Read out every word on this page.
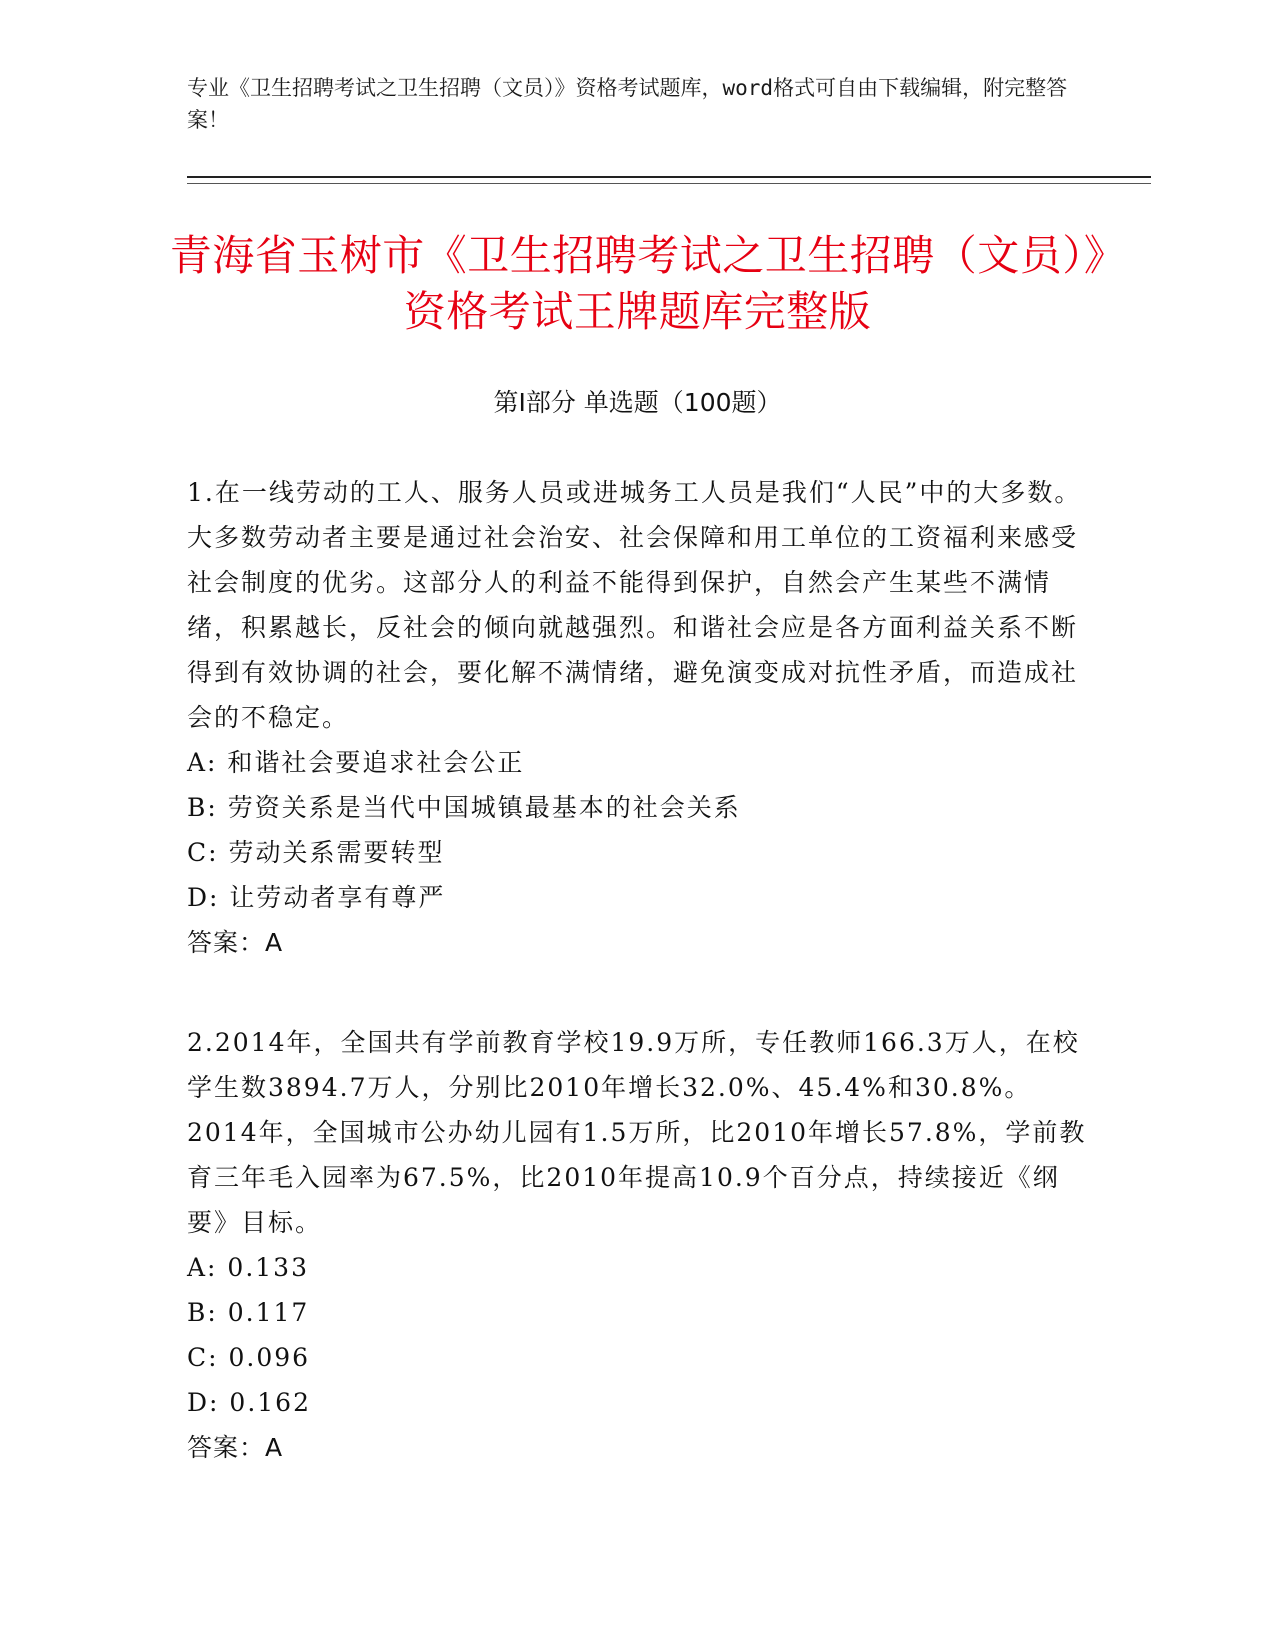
专业《卫生招聘考试之卫生招聘（文员）》资格考试题库，word格式可自由下载编辑，附完整答案！
青海省玉树市《卫生招聘考试之卫生招聘（文员）》资格考试王牌题库完整版
第Ⅰ部分 单选题（100题）
1.在一线劳动的工人、服务人员或进城务工人员是我们“人民”中的大多数。大多数劳动者主要是通过社会治安、社会保障和用工单位的工资福利来感受社会制度的优劣。这部分人的利益不能得到保护，自然会产生某些不满情绪，积累越长，反社会的倾向就越强烈。和谐社会应是各方面利益关系不断得到有效协调的社会，要化解不满情绪，避免演变成对抗性矛盾，而造成社会的不稳定。
A: 和谐社会要追求社会公正
B: 劳资关系是当代中国城镇最基本的社会关系
C: 劳动关系需要转型
D: 让劳动者享有尊严
答案：A
2.2014年，全国共有学前教育学校19.9万所，专任教师166.3万人，在校学生数3894.7万人，分别比2010年增长32.0%、45.4%和30.8%。2014年，全国城市公办幼儿园有1.5万所，比2010年增长57.8%，学前教育三年毛入园率为67.5%，比2010年提高10.9个百分点，持续接近《纲要》目标。
A: 0.133
B: 0.117
C: 0.096
D: 0.162
答案：A
